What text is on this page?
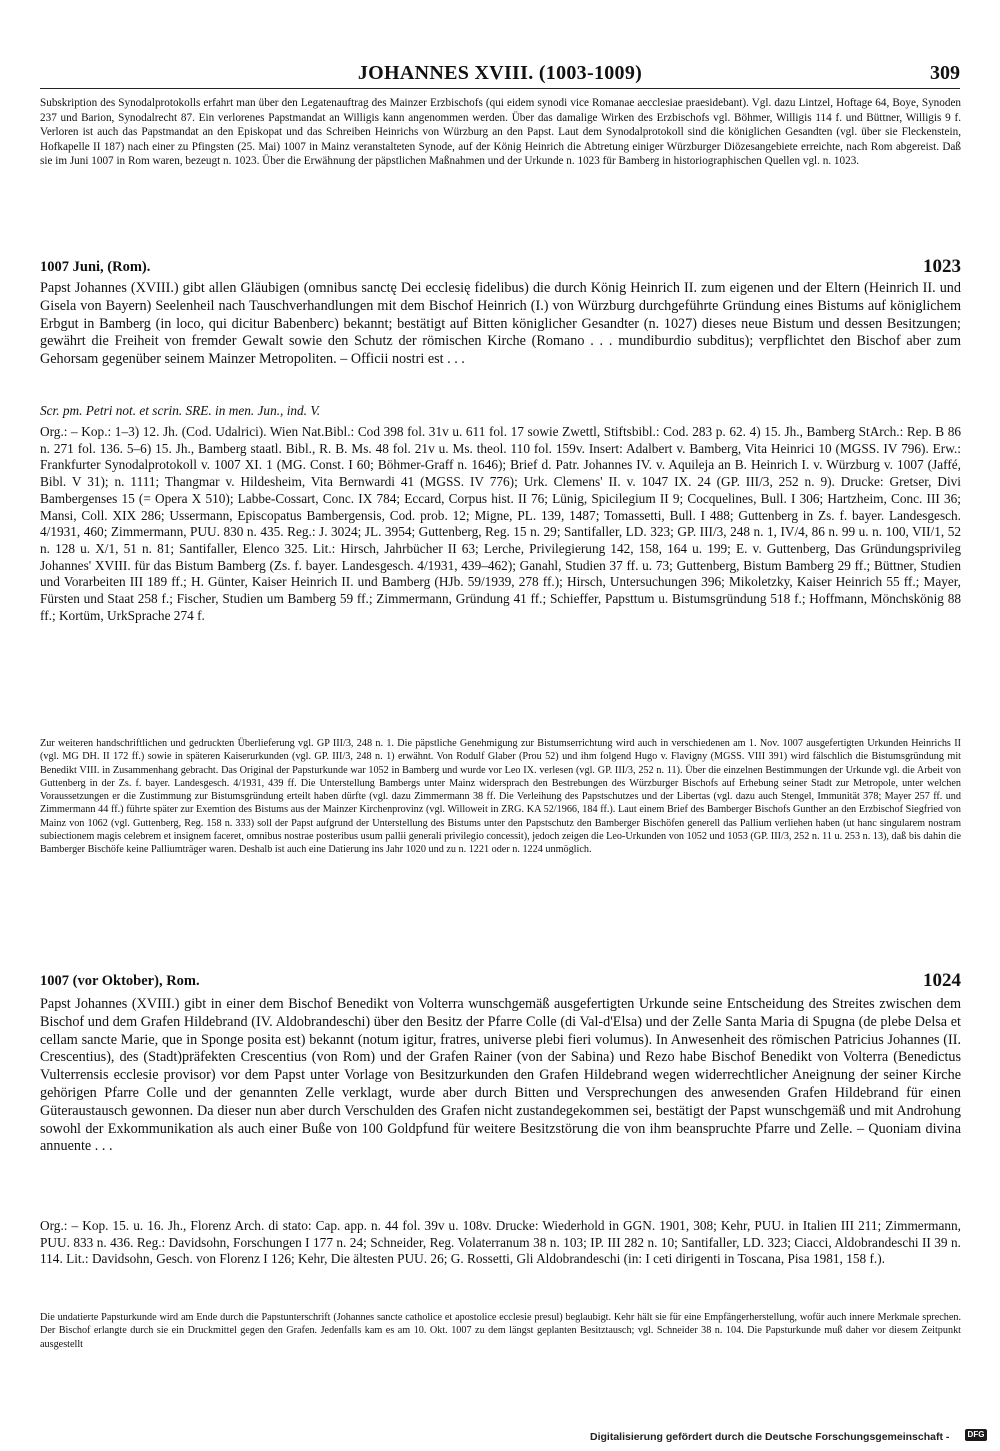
JOHANNES XVIII. (1003-1009)	309
Subskription des Synodalprotokolls erfahrt man über den Legatenauftrag des Mainzer Erzbischofs (qui eidem synodi vice Romanae aecclesiae praesidebant). Vgl. dazu Lintzel, Hoftage 64, Boye, Synoden 237 und Barion, Synodalrecht 87. Ein verlorenes Papstmandat an Willigis kann angenommen werden. Über das damalige Wirken des Erzbischofs vgl. Böhmer, Willigis 114 f. und Büttner, Willigis 9 f. Verloren ist auch das Papstmandat an den Episkopat und das Schreiben Heinrichs von Würzburg an den Papst. Laut dem Synodalprotokoll sind die königlichen Gesandten (vgl. über sie Fleckenstein, Hofkapelle II 187) nach einer zu Pfingsten (25. Mai) 1007 in Mainz veranstalteten Synode, auf der König Heinrich die Abtretung einiger Würzburger Diözesangebiete erreichte, nach Rom abgereist. Daß sie im Juni 1007 in Rom waren, bezeugt n. 1023. Über die Erwähnung der päpstlichen Maßnahmen und der Urkunde n. 1023 für Bamberg in historiographischen Quellen vgl. n. 1023.
1007 Juni, (Rom).	1023
Papst Johannes (XVIII.) gibt allen Gläubigen (omnibus sanctę Dei ecclesię fidelibus) die durch König Heinrich II. zum eigenen und der Eltern (Heinrich II. und Gisela von Bayern) Seelenheil nach Tauschverhandlungen mit dem Bischof Heinrich (I.) von Würzburg durchgeführte Gründung eines Bistums auf königlichem Erbgut in Bamberg (in loco, qui dicitur Babenberc) bekannt; bestätigt auf Bitten königlicher Gesandter (n. 1027) dieses neue Bistum und dessen Besitzungen; gewährt die Freiheit von fremder Gewalt sowie den Schutz der römischen Kirche (Romano . . . mundiburdio subditus); verpflichtet den Bischof aber zum Gehorsam gegenüber seinem Mainzer Metropoliten. – Officii nostri est . . .
Scr. pm. Petri not. et scrin. SRE. in men. Jun., ind. V.
Org.: – Kop.: 1–3) 12. Jh. (Cod. Udalrici). Wien Nat.Bibl.: Cod 398 fol. 31v u. 611 fol. 17 sowie Zwettl, Stiftsbibl.: Cod. 283 p. 62. 4) 15. Jh., Bamberg StArch.: Rep. B 86 n. 271 fol. 136. 5–6) 15. Jh., Bamberg staatl. Bibl., R. B. Ms. 48 fol. 21v u. Ms. theol. 110 fol. 159v. Insert: Adalbert v. Bamberg, Vita Heinrici 10 (MGSS. IV 796). Erw.: Frankfurter Synodalprotokoll v. 1007 XI. 1 (MG. Const. I 60; Böhmer-Graff n. 1646); Brief d. Patr. Johannes IV. v. Aquileja an B. Heinrich I. v. Würzburg v. 1007 (Jaffé, Bibl. V 31); n. 1111; Thangmar v. Hildesheim, Vita Bernwardi 41 (MGSS. IV 776); Urk. Clemens' II. v. 1047 IX. 24 (GP. III/3, 252 n. 9). Drucke: Gretser, Divi Bambergenses 15 (= Opera X 510); Labbe-Cossart, Conc. IX 784; Eccard, Corpus hist. II 76; Lünig, Spicilegium II 9; Cocquelines, Bull. I 306; Hartzheim, Conc. III 36; Mansi, Coll. XIX 286; Ussermann, Episcopatus Bambergensis, Cod. prob. 12; Migne, PL. 139, 1487; Tomassetti, Bull. I 488; Guttenberg in Zs. f. bayer. Landesgesch. 4/1931, 460; Zimmermann, PUU. 830 n. 435. Reg.: J. 3024; JL. 3954; Guttenberg, Reg. 15 n. 29; Santifaller, LD. 323; GP. III/3, 248 n. 1, IV/4, 86 n. 99 u. n. 100, VII/1, 52 n. 128 u. X/1, 51 n. 81; Santifaller, Elenco 325. Lit.: Hirsch, Jahrbücher II 63; Lerche, Privilegierung 142, 158, 164 u. 199; E. v. Guttenberg, Das Gründungsprivileg Johannes' XVIII. für das Bistum Bamberg (Zs. f. bayer. Landesgesch. 4/1931, 439–462); Ganahl, Studien 37 ff. u. 73; Guttenberg, Bistum Bamberg 29 ff.; Büttner, Studien und Vorarbeiten III 189 ff.; H. Günter, Kaiser Heinrich II. und Bamberg (HJb. 59/1939, 278 ff.); Hirsch, Untersuchungen 396; Mikoletzky, Kaiser Heinrich 55 ff.; Mayer, Fürsten und Staat 258 f.; Fischer, Studien um Bamberg 59 ff.; Zimmermann, Gründung 41 ff.; Schieffer, Papsttum u. Bistumsgründung 518 f.; Hoffmann, Mönchskönig 88 ff.; Kortüm, UrkSprache 274 f.
Zur weiteren handschriftlichen und gedruckten Überlieferung vgl. GP III/3, 248 n. 1. Die päpstliche Genehmigung zur Bistumserrichtung wird auch in verschiedenen am 1. Nov. 1007 ausgefertigten Urkunden Heinrichs II (vgl. MG DH. II 172 ff.) sowie in späteren Kaiserurkunden (vgl. GP. III/3, 248 n. 1) erwähnt. Von Rodulf Glaber (Prou 52) und ihm folgend Hugo v. Flavigny (MGSS. VIII 391) wird fälschlich die Bistumsgründung mit Benedikt VIII. in Zusammenhang gebracht. Das Original der Papsturkunde war 1052 in Bamberg und wurde vor Leo IX. verlesen (vgl. GP. III/3, 252 n. 11). Über die einzelnen Bestimmungen der Urkunde vgl. die Arbeit von Guttenberg in der Zs. f. bayer. Landesgesch. 4/1931, 439 ff. Die Unterstellung Bambergs unter Mainz widersprach den Bestrebungen des Würzburger Bischofs auf Erhebung seiner Stadt zur Metropole, unter welchen Voraussetzungen er die Zustimmung zur Bistumsgründung erteilt haben dürfte (vgl. dazu Zimmermann 38 ff. Die Verleihung des Papstschutzes und der Libertas (vgl. dazu auch Stengel, Immunität 378; Mayer 257 ff. und Zimmermann 44 ff.) führte später zur Exemtion des Bistums aus der Mainzer Kirchenprovinz (vgl. Willoweit in ZRG. KA 52/1966, 184 ff.). Laut einem Brief des Bamberger Bischofs Gunther an den Erzbischof Siegfried von Mainz von 1062 (vgl. Guttenberg, Reg. 158 n. 333) soll der Papst aufgrund der Unterstellung des Bistums unter den Papstschutz den Bamberger Bischöfen generell das Pallium verliehen haben (ut hanc singularem nostram subiectionem magis celebrem et insignem faceret, omnibus nostrae posteribus usum pallii generali privilegio concessit), jedoch zeigen die Leo-Urkunden von 1052 und 1053 (GP. III/3, 252 n. 11 u. 253 n. 13), daß bis dahin die Bamberger Bischöfe keine Palliumträger waren. Deshalb ist auch eine Datierung ins Jahr 1020 und zu n. 1221 oder n. 1224 unmöglich.
1007 (vor Oktober), Rom.	1024
Papst Johannes (XVIII.) gibt in einer dem Bischof Benedikt von Volterra wunschgemäß ausgefertigten Urkunde seine Entscheidung des Streites zwischen dem Bischof und dem Grafen Hildebrand (IV. Aldobrandeschi) über den Besitz der Pfarre Colle (di Val-d'Elsa) und der Zelle Santa Maria di Spugna (de plebe Delsa et cellam sancte Marie, que in Sponge posita est) bekannt (notum igitur, fratres, universe plebi fieri volumus). In Anwesenheit des römischen Patricius Johannes (II. Crescentius), des (Stadt)präfekten Crescentius (von Rom) und der Grafen Rainer (von der Sabina) und Rezo habe Bischof Benedikt von Volterra (Benedictus Vulterrensis ecclesie provisor) vor dem Papst unter Vorlage von Besitzurkunden den Grafen Hildebrand wegen widerrechtlicher Aneignung der seiner Kirche gehörigen Pfarre Colle und der genannten Zelle verklagt, wurde aber durch Bitten und Versprechungen des anwesenden Grafen Hildebrand für einen Güteraustausch gewonnen. Da dieser nun aber durch Verschulden des Grafen nicht zustandegekommen sei, bestätigt der Papst wunschgemäß und mit Androhung sowohl der Exkommunikation als auch einer Buße von 100 Goldpfund für weitere Besitzstörung die von ihm beanspruchte Pfarre und Zelle. – Quoniam divina annuente . . .
Org.: – Kop. 15. u. 16. Jh., Florenz Arch. di stato: Cap. app. n. 44 fol. 39v u. 108v. Drucke: Wiederhold in GGN. 1901, 308; Kehr, PUU. in Italien III 211; Zimmermann, PUU. 833 n. 436. Reg.: Davidsohn, Forschungen I 177 n. 24; Schneider, Reg. Volaterranum 38 n. 103; IP. III 282 n. 10; Santifaller, LD. 323; Ciacci, Aldobrandeschi II 39 n. 114. Lit.: Davidsohn, Gesch. von Florenz I 126; Kehr, Die ältesten PUU. 26; G. Rossetti, Gli Aldobrandeschi (in: I ceti dirigenti in Toscana, Pisa 1981, 158 f.).
Die undatierte Papsturkunde wird am Ende durch die Papstunterschrift (Johannes sancte catholice et apostolice ecclesie presul) beglaubigt. Kehr hält sie für eine Empfängerherstellung, wofür auch innere Merkmale sprechen. Der Bischof erlangte durch sie ein Druckmittel gegen den Grafen. Jedenfalls kam es am 10. Okt. 1007 zu dem längst geplanten Besitztausch; vgl. Schneider 38 n. 104. Die Papsturkunde muß daher vor diesem Zeitpunkt ausgestellt
Digitalisierung gefördert durch die Deutsche Forschungsgemeinschaft -	DFG
